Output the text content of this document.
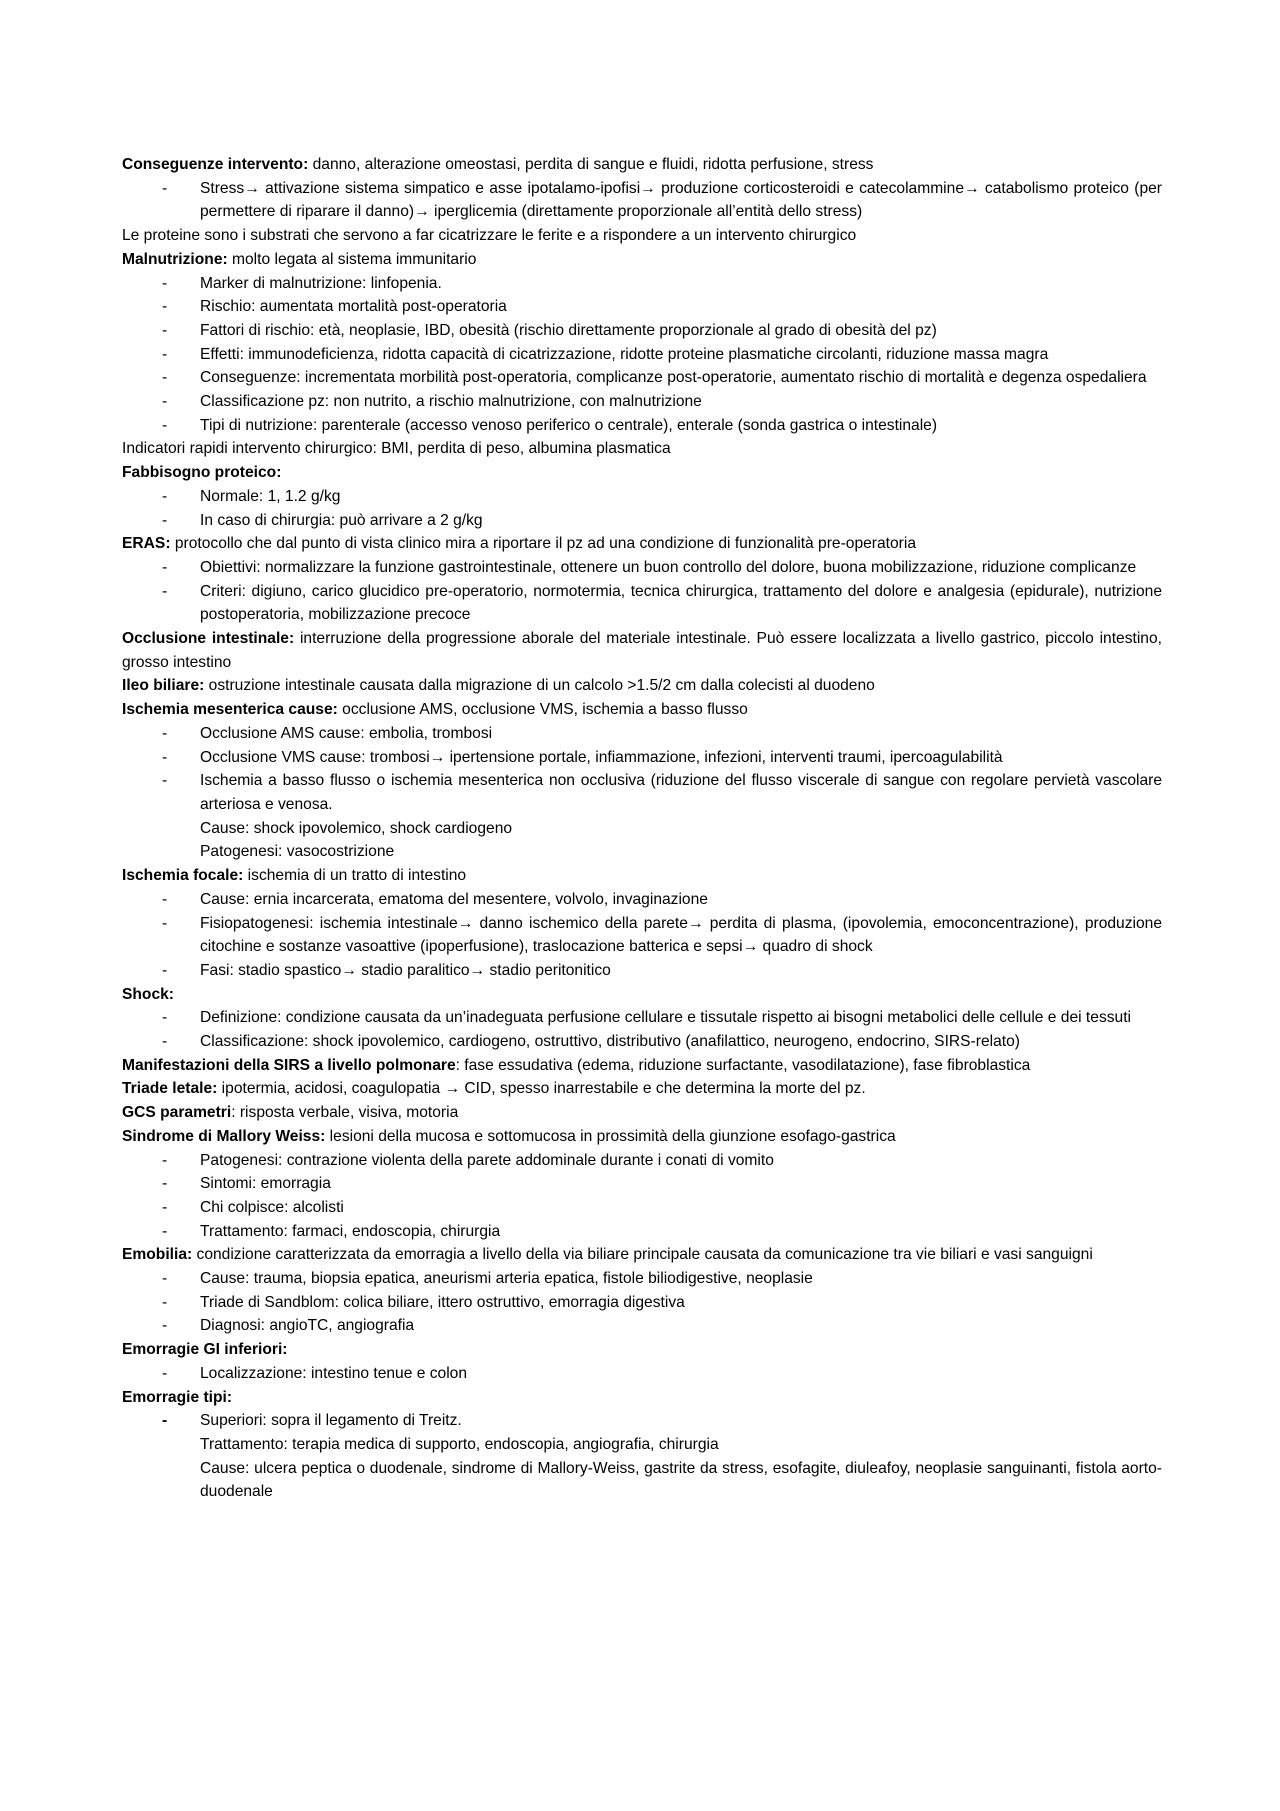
Conseguenze intervento: danno, alterazione omeostasi, perdita di sangue e fluidi, ridotta perfusione, stress
- Stress→ attivazione sistema simpatico e asse ipotalamo-ipofisi→ produzione corticosteroidi e catecolammine→ catabolismo proteico (per permettere di riparare il danno)→ iperglicemia (direttamente proporzionale all’entità dello stress)
Le proteine sono i substrati che servono a far cicatrizzare le ferite e a rispondere a un intervento chirurgico
Malnutrizione: molto legata al sistema immunitario
- Marker di malnutrizione: linfopenia.
- Rischio: aumentata mortalità post-operatoria
- Fattori di rischio: età, neoplasie, IBD, obesità (rischio direttamente proporzionale al grado di obesità del pz)
- Effetti: immunodeficienza, ridotta capacità di cicatrizzazione, ridotte proteine plasmatiche circolanti, riduzione massa magra
- Conseguenze: incrementata morbilità post-operatoria, complicanze post-operatorie, aumentato rischio di mortalità e degenza ospedaliera
- Classificazione pz: non nutrito, a rischio malnutrizione, con malnutrizione
- Tipi di nutrizione: parenterale (accesso venoso periferico o centrale), enterale (sonda gastrica o intestinale)
Indicatori rapidi intervento chirurgico: BMI, perdita di peso, albumina plasmatica
Fabbisogno proteico:
- Normale: 1, 1.2 g/kg
- In caso di chirurgia: può arrivare a 2 g/kg
ERAS: protocollo che dal punto di vista clinico mira a riportare il pz ad una condizione di funzionalità pre-operatoria
- Obiettivi: normalizzare la funzione gastrointestinale, ottenere un buon controllo del dolore, buona mobilizzazione, riduzione complicanze
- Criteri: digiuno, carico glucidico pre-operatorio, normotermia, tecnica chirurgica, trattamento del dolore e analgesia (epidurale), nutrizione postoperatoria, mobilizzazione precoce
Occlusione intestinale: interruzione della progressione aborale del materiale intestinale. Può essere localizzata a livello gastrico, piccolo intestino, grosso intestino
Ileo biliare: ostruzione intestinale causata dalla migrazione di un calcolo >1.5/2 cm dalla colecisti al duodeno
Ischemia mesenterica cause: occlusione AMS, occlusione VMS, ischemia a basso flusso
- Occlusione AMS cause: embolia, trombosi
- Occlusione VMS cause: trombosi→ ipertensione portale, infiammazione, infezioni, interventi traumi, ipercoagulabilità
- Ischemia a basso flusso o ischemia mesenterica non occlusiva (riduzione del flusso viscerale di sangue con regolare pervietà vascolare arteriosa e venosa.
Cause: shock ipovolemico, shock cardiogeno
Patogenesi: vasocostrizione
Ischemia focale: ischemia di un tratto di intestino
- Cause: ernia incarcerata, ematoma del mesentere, volvolo, invaginazione
- Fisiopatogenesi: ischemia intestinale→ danno ischemico della parete→ perdita di plasma, (ipovolemia, emoconcentrazione), produzione citochine e sostanze vasoattive (ipoperfusione), traslocazione batterica e sepsi→ quadro di shock
- Fasi: stadio spastico→ stadio paralitico→ stadio peritonitico
Shock:
- Definizione: condizione causata da un’inadeguata perfusione cellulare e tissutale rispetto ai bisogni metabolici delle cellule e dei tessuti
- Classificazione: shock ipovolemico, cardiogeno, ostruttivo, distributivo (anafilattico, neurogeno, endocrino, SIRS-relato)
Manifestazioni della SIRS a livello polmonare: fase essudativa (edema, riduzione surfactante, vasodilatazione), fase fibroblastica
Triade letale: ipotermia, acidosi, coagulopatia → CID, spesso inarrestabile e che determina la morte del pz.
GCS parametri: risposta verbale, visiva, motoria
Sindrome di Mallory Weiss: lesioni della mucosa e sottomucosa in prossimità della giunzione esofago-gastrica
- Patogenesi: contrazione violenta della parete addominale durante i conati di vomito
- Sintomi: emorragia
- Chi colpisce: alcolisti
- Trattamento: farmaci, endoscopia, chirurgia
Emobilia: condizione caratterizzata da emorragia a livello della via biliare principale causata da comunicazione tra vie biliari e vasi sanguigni
- Cause: trauma, biopsia epatica, aneurismi arteria epatica, fistole biliodigestive, neoplasie
- Triade di Sandblom: colica biliare, ittero ostruttivo, emorragia digestiva
- Diagnosi: angioTC, angiografia
Emorragie GI inferiori:
- Localizzazione: intestino tenue e colon
Emorragie tipi:
- Superiori: sopra il legamento di Treitz.
Trattamento: terapia medica di supporto, endoscopia, angiografia, chirurgia
Cause: ulcera peptica o duodenale, sindrome di Mallory-Weiss, gastrite da stress, esofagite, diuleafoy, neoplasie sanguinanti, fistola aorto-duodenale
